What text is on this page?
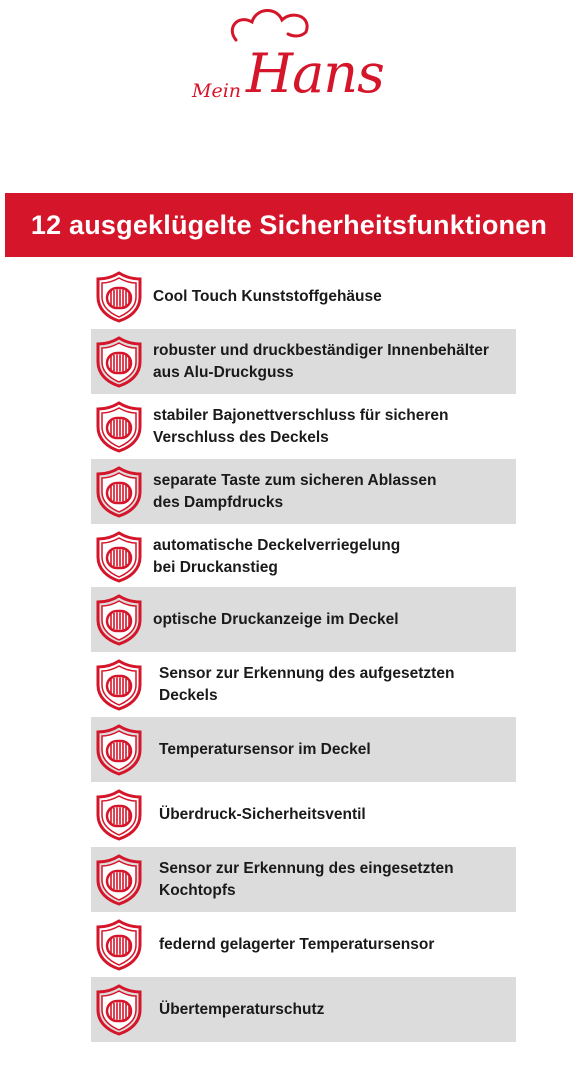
Mein Hans
12 ausgeklügelte Sicherheitsfunktionen
Cool Touch Kunststoffgehäuse
robuster und druckbeständiger Innenbehälter
aus Alu-Druckguss
stabiler Bajonettverschluss für sicheren
Verschluss des Deckels
separate Taste zum sicheren Ablassen
des Dampfdrucks
automatische Deckelverriegelung
bei Druckanstieg
optische Druckanzeige im Deckel
Sensor zur Erkennung des aufgesetzten Deckels
Temperatursensor im Deckel
Überdruck-Sicherheitsventil
Sensor zur Erkennung des eingesetzten
Kochtopfs
federnd gelagerter Temperatursensor
Übertemperaturschutz
